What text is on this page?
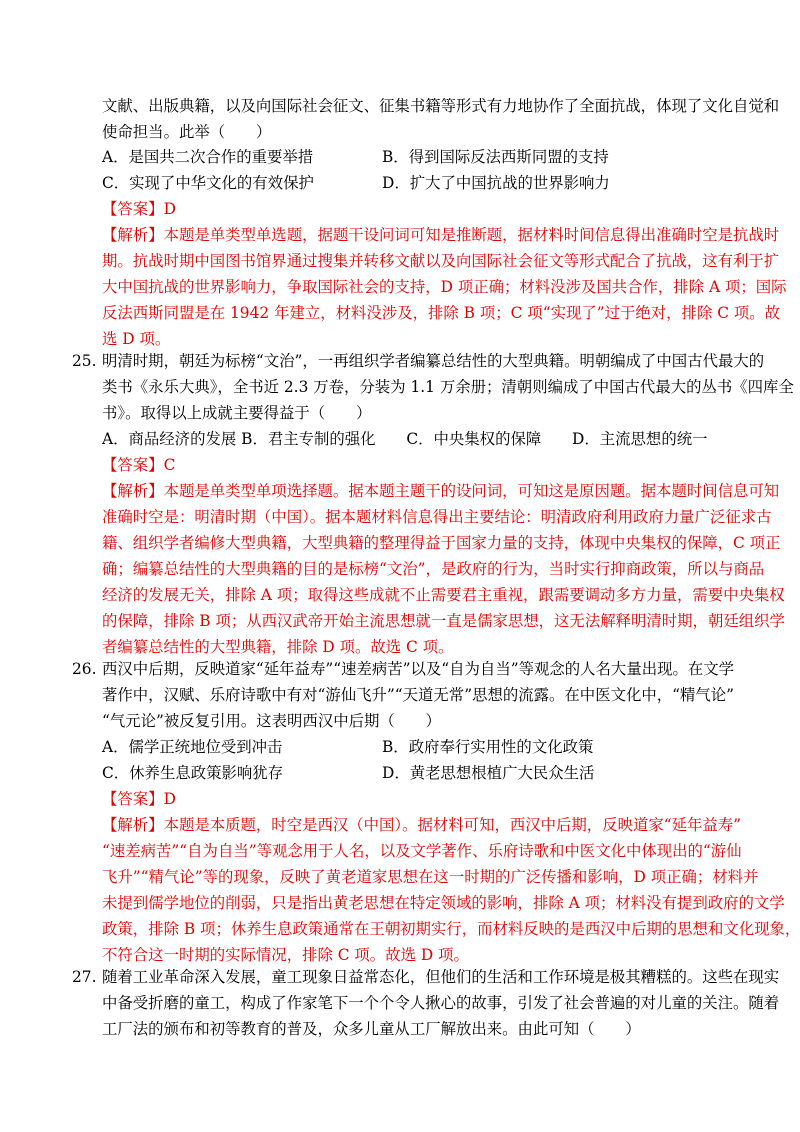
文献、出版典籍，以及向国际社会征文、征集书籍等形式有力地协作了全面抗战，体现了文化自觉和
使命担当。此举（　　）
A．是国共二次合作的重要举措	B．得到国际反法西斯同盟的支持
C．实现了中华文化的有效保护	D．扩大了中国抗战的世界影响力
【答案】D
【解析】本题是单类型单选题，据题干设问词可知是推断题，据材料时间信息得出准确时空是抗战时
期。抗战时期中国图书馆界通过搜集并转移文献以及向国际社会征文等形式配合了抗战，这有利于扩
大中国抗战的世界影响力，争取国际社会的支持，D 项正确；材料没涉及国共合作，排除 A 项；国际
反法西斯同盟是在 1942 年建立，材料没涉及，排除 B 项；C 项“实现了”过于绝对，排除 C 项。故
选 D 项。
25. 明清时期，朝廷为标榜“文治”，一再组织学者编纂总结性的大型典籍。明朝编成了中国古代最大的
类书《永乐大典》，全书近 2.3 万卷，分装为 1.1 万余册；清朝则编成了中国古代最大的丛书《四库全
书》。取得以上成就主要得益于（　　）
A．商品经济的发展 B．君主专制的强化　　C．中央集权的保障　　D．主流思想的统一
【答案】C
【解析】本题是单类型单项选择题。据本题主题干的设问词，可知这是原因题。据本题时间信息可知
准确时空是：明清时期（中国）。据本题材料信息得出主要结论：明清政府利用政府力量广泛征求古
籍、组织学者编修大型典籍，大型典籍的整理得益于国家力量的支持，体现中央集权的保障，C 项正
确；编纂总结性的大型典籍的目的是标榜“文治”，是政府的行为，当时实行抑商政策，所以与商品
经济的发展无关，排除 A 项；取得这些成就不止需要君主重视，跟需要调动多方力量，需要中央集权
的保障，排除 B 项；从西汉武帝开始主流思想就一直是儒家思想，这无法解释明清时期，朝廷组织学
者编纂总结性的大型典籍，排除 D 项。故选 C 项。
26. 西汉中后期，反映道家“延年益寿”“速差病苦”以及“自为自当”等观念的人名大量出现。在文学
著作中，汉赋、乐府诗歌中有对“游仙飞升”“天道无常”思想的流露。在中医文化中，“精气论”
“气元论”被反复引用。这表明西汉中后期（　　）
A．儒学正统地位受到冲击	B．政府奉行实用性的文化政策
C．休养生息政策影响犹存	D．黄老思想根植广大民众生活
【答案】D
【解析】本题是本质题，时空是西汉（中国）。据材料可知，西汉中后期，反映道家“延年益寿”
“速差病苦”“自为自当”等观念用于人名，以及文学著作、乐府诗歌和中医文化中体现出的“游仙
飞升”“精气论”等的现象，反映了黄老道家思想在这一时期的广泛传播和影响，D 项正确；材料并
未提到儒学地位的削弱，只是指出黄老思想在特定领域的影响，排除 A 项；材料没有提到政府的文学
政策，排除 B 项；休养生息政策通常在王朝初期实行，而材料反映的是西汉中后期的思想和文化现象，
不符合这一时期的实际情况，排除 C 项。故选 D 项。
27. 随着工业革命深入发展，童工现象日益常态化，但他们的生活和工作环境是极其糟糕的。这些在现实
中备受折磨的童工，构成了作家笔下一个个令人揪心的故事，引发了社会普遍的对儿童的关注。随着
工厂法的颁布和初等教育的普及，众多儿童从工厂解放出来。由此可知（　　）
